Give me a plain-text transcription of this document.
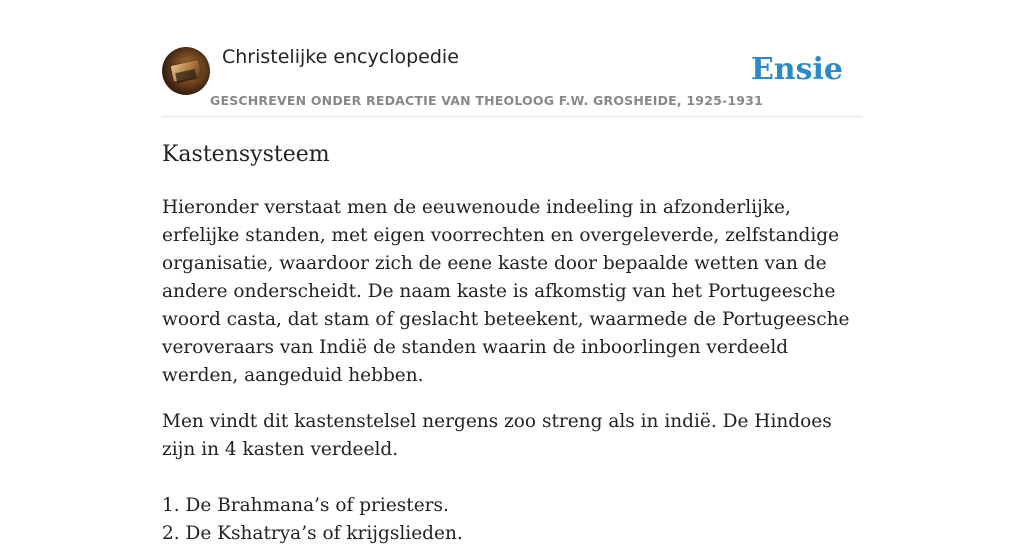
Christelijke encyclopedie
GESCHREVEN ONDER REDACTIE VAN THEOLOOG F.W. GROSHEIDE, 1925-1931
Ensie
Kastensysteem

Hieronder verstaat men de eeuwenoude indeeling in afzonderlijke, erfelijke standen, met eigen voorrechten en overgeleverde, zelfstandige organisatie, waardoor zich de eene kaste door bepaalde wetten van de andere onderscheidt. De naam kaste is afkomstig van het Portugeesche woord casta, dat stam of geslacht beteekent, waarmede de Portugeesche veroveraars van Indië de standen waarin de inboorlingen verdeeld werden, aangeduid hebben.

Men vindt dit kastenstelsel nergens zoo streng als in indië. De Hindoes zijn in 4 kasten verdeeld.

1. De Brahmana’s of priesters.
2. De Kshatrya’s of krijgslieden.
